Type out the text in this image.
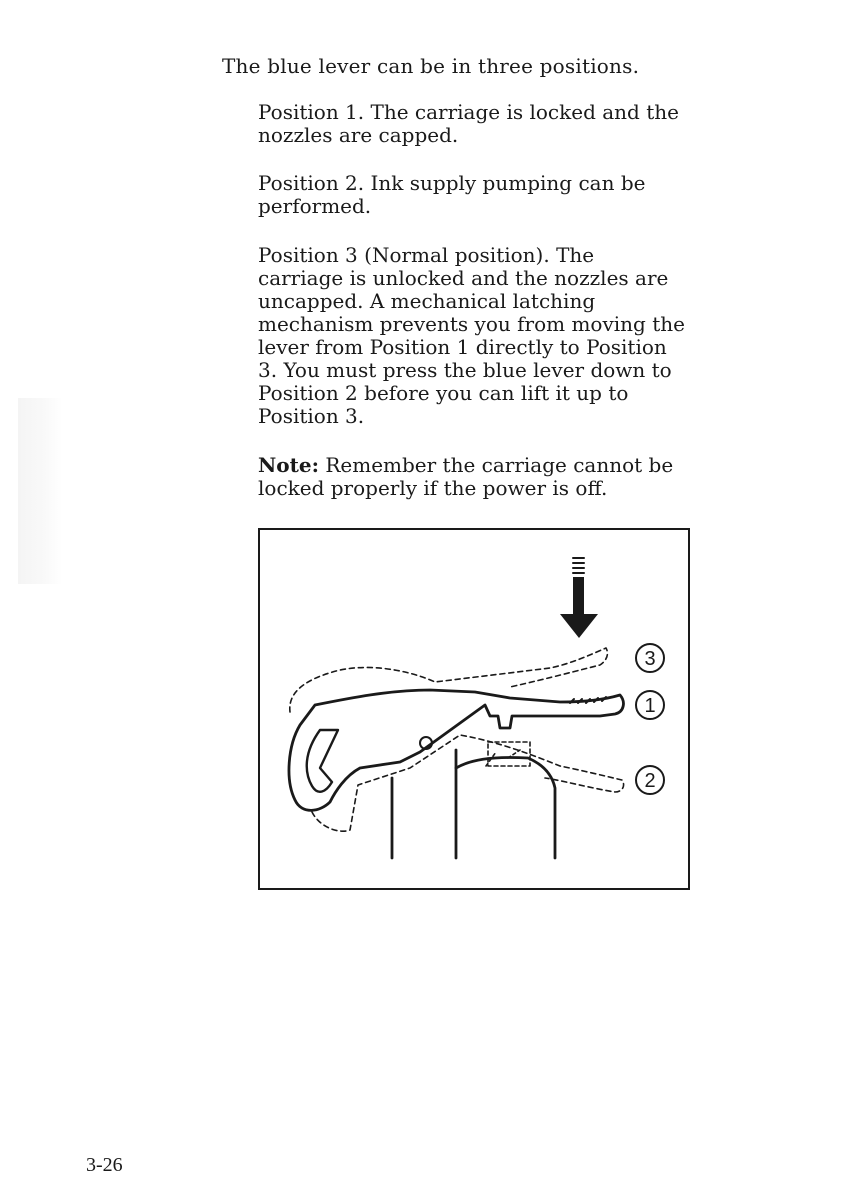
The blue lever can be in three positions.

Position 1. The carriage is locked and the
nozzles are capped.

Position 2. Ink supply pumping can be
performed.

Position 3 (Normal position). The
carriage is unlocked and the nozzles are
uncapped. A mechanical latching
mechanism prevents you from moving the
lever from Position 1 directly to Position
3. You must press the blue lever down to
Position 2 before you can lift it up to
Position 3.

Note: Remember the carriage cannot be
locked properly if the power is off.

3
1
2

3-26
